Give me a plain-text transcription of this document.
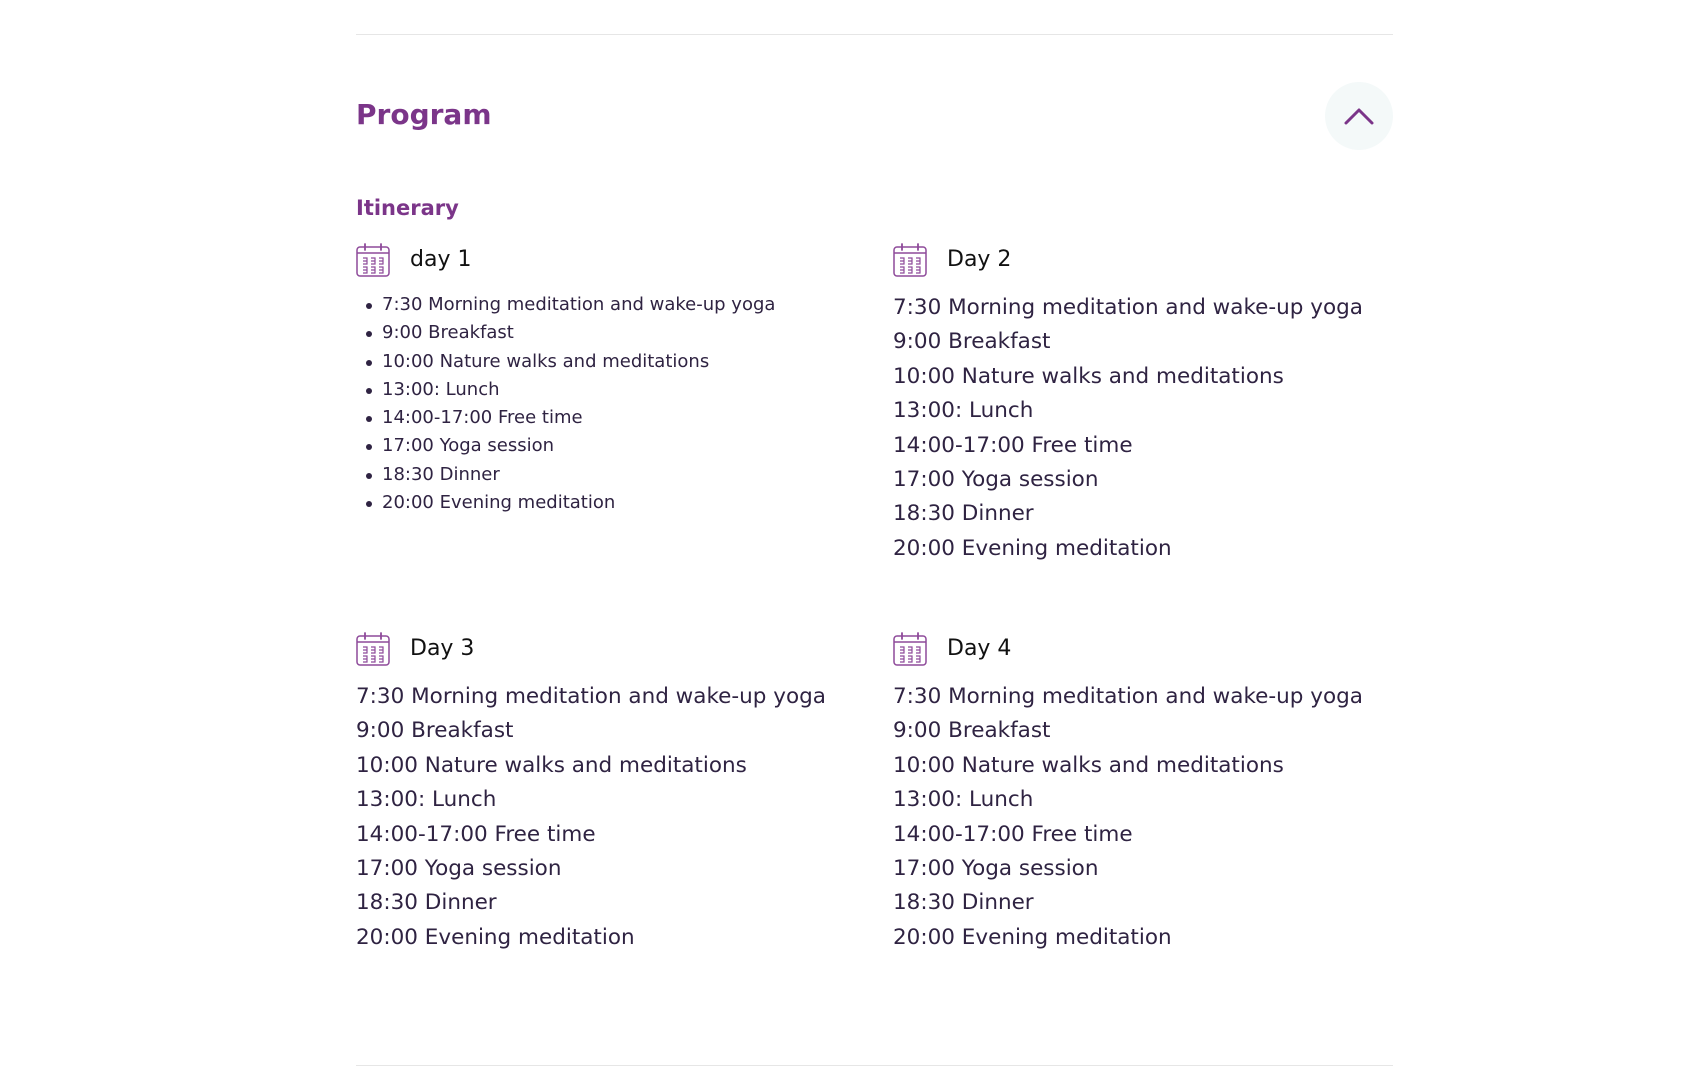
Program
Itinerary
day 1
7:30 Morning meditation and wake-up yoga
9:00 Breakfast
10:00 Nature walks and meditations
13:00: Lunch
14:00-17:00 Free time
17:00 Yoga session
18:30 Dinner
20:00 Evening meditation
Day 2
7:30 Morning meditation and wake-up yoga
9:00 Breakfast
10:00 Nature walks and meditations
13:00: Lunch
14:00-17:00 Free time
17:00 Yoga session
18:30 Dinner
20:00 Evening meditation
Day 3
7:30 Morning meditation and wake-up yoga
9:00 Breakfast
10:00 Nature walks and meditations
13:00: Lunch
14:00-17:00 Free time
17:00 Yoga session
18:30 Dinner
20:00 Evening meditation
Day 4
7:30 Morning meditation and wake-up yoga
9:00 Breakfast
10:00 Nature walks and meditations
13:00: Lunch
14:00-17:00 Free time
17:00 Yoga session
18:30 Dinner
20:00 Evening meditation
